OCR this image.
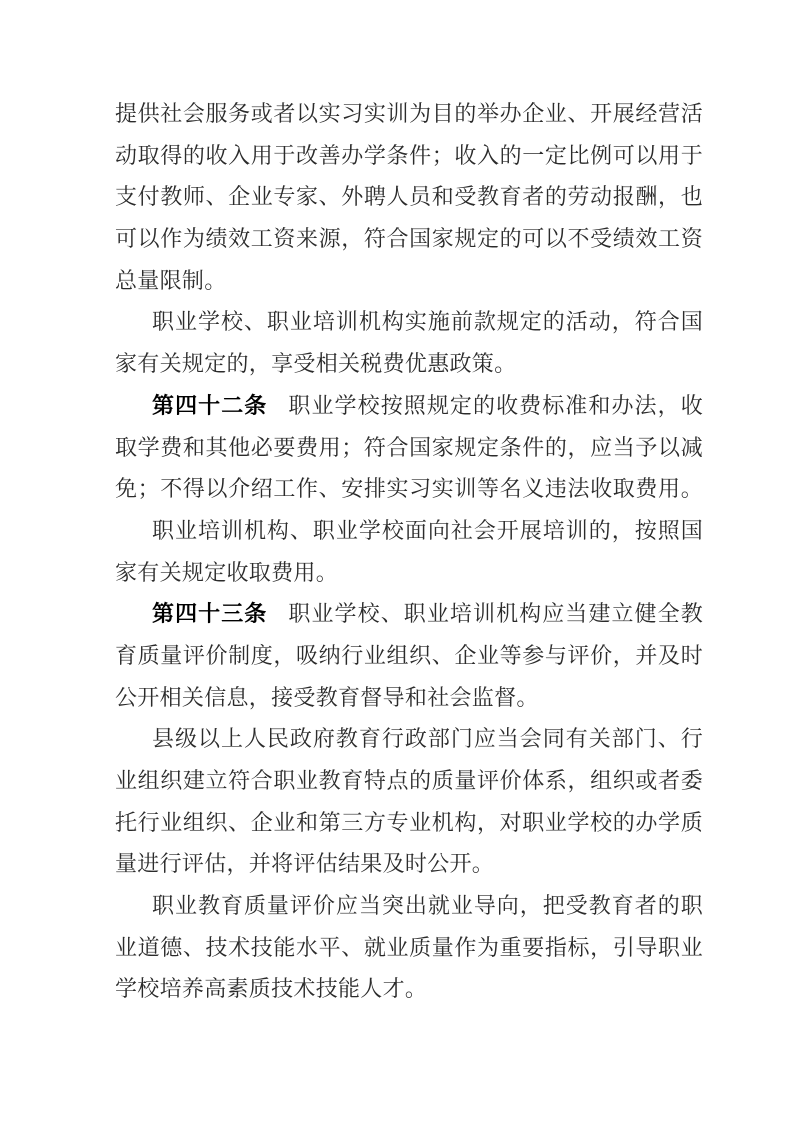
提供社会服务或者以实习实训为目的举办企业、开展经营活
动取得的收入用于改善办学条件；收入的一定比例可以用于
支付教师、企业专家、外聘人员和受教育者的劳动报酬，也
可以作为绩效工资来源，符合国家规定的可以不受绩效工资
总量限制。
职业学校、职业培训机构实施前款规定的活动，符合国
家有关规定的，享受相关税费优惠政策。
第四十二条 职业学校按照规定的收费标准和办法，收
取学费和其他必要费用；符合国家规定条件的，应当予以减
免；不得以介绍工作、安排实习实训等名义违法收取费用。
职业培训机构、职业学校面向社会开展培训的，按照国
家有关规定收取费用。
第四十三条 职业学校、职业培训机构应当建立健全教
育质量评价制度，吸纳行业组织、企业等参与评价，并及时
公开相关信息，接受教育督导和社会监督。
县级以上人民政府教育行政部门应当会同有关部门、行
业组织建立符合职业教育特点的质量评价体系，组织或者委
托行业组织、企业和第三方专业机构，对职业学校的办学质
量进行评估，并将评估结果及时公开。
职业教育质量评价应当突出就业导向，把受教育者的职
业道德、技术技能水平、就业质量作为重要指标，引导职业
学校培养高素质技术技能人才。
